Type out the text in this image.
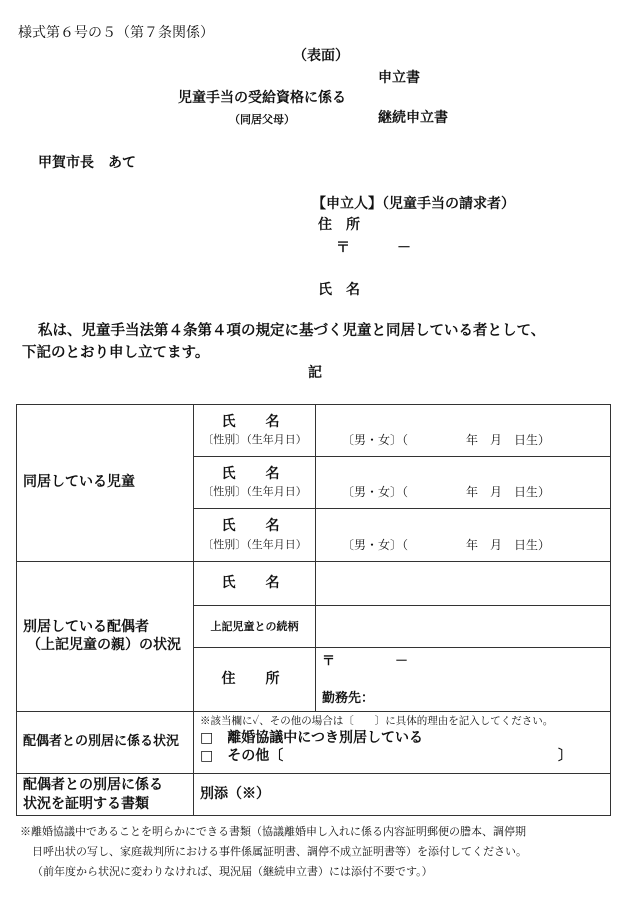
様式第６号の５（第７条関係）
（表面）
申立書
児童手当の受給資格に係る
（同居父母）	継続申立書
甲賀市長　あて
【申立人】（児童手当の請求者）
住　所
〒	－
氏　名
私は、児童手当法第４条第４項の規定に基づく児童と同居している者として、
下記のとおり申し立てます。
記
同居している児童	氏　名
〔性別〕（生年月日）	〔男・女〕（ 年　月　日生）

	氏　名
〔性別〕（生年月日）	〔男・女〕（ 年　月　日生）

	氏　名
〔性別〕（生年月日）	〔男・女〕（ 年　月　日生）

別居している配偶者
（上記児童の親）の状況	氏　名	

	上記児童との続柄	

	住　所	〒 －
勤務先：

配偶者との別居に係る状況	※該当欄に✓、その他の場合は〔　　〕に具体的理由を記入してください。
□　離婚協議中につき別居している
□　その他〔 〕	

配偶者との別居に係る
状況を証明する書類	別添（※）	
※離婚協議中であることを明らかにできる書類（協議離婚申し入れに係る内容証明郵便の謄本、調停期
日呼出状の写し、家庭裁判所における事件係属証明書、調停不成立証明書等）を添付してください。
（前年度から状況に変わりなければ、現況届（継続申立書）には添付不要です。）
